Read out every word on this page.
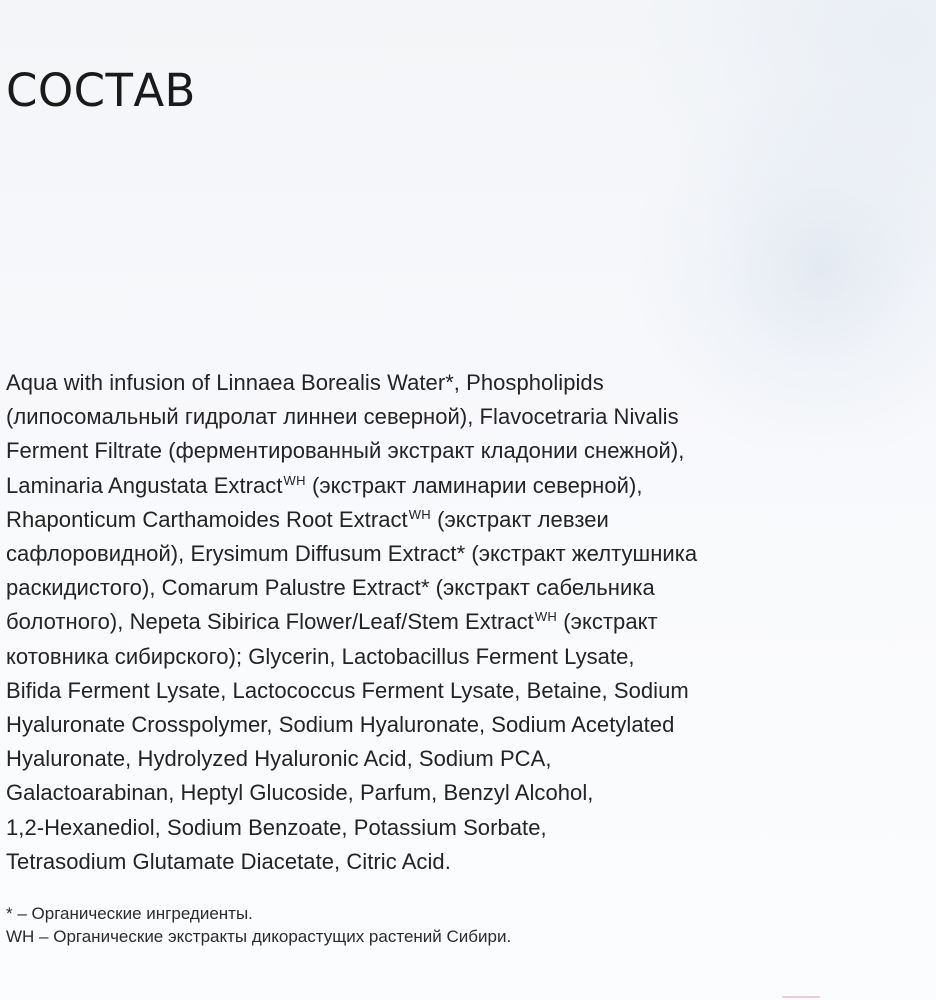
СОСТАВ
Aqua with infusion of Linnaea Borealis Water*, Phospholipids
(липосомальный гидролат линнеи северной), Flavocetraria Nivalis
Ferment Filtrate (ферментированный экстракт кладонии снежной),
Laminaria Angustata Extract$^{WH}$ (экстракт ламинарии северной),
Rhaponticum Carthamoides Root Extract$^{WH}$ (экстракт левзеи
сафлоровидной), Erysimum Diffusum Extract* (экстракт желтушника
раскидистого), Comarum Palustre Extract* (экстракт сабельника
болотного), Nepeta Sibirica Flower/Leaf/Stem Extract$^{WH}$ (экстракт
котовника сибирского); Glycerin, Lactobacillus Ferment Lysate,
Bifida Ferment Lysate, Lactococcus Ferment Lysate, Betaine, Sodium
Hyaluronate Crosspolymer, Sodium Hyaluronate, Sodium Acetylated
Hyaluronate, Hydrolyzed Hyaluronic Acid, Sodium PCA,
Galactoarabinan, Heptyl Glucoside, Parfum, Benzyl Alcohol,
1,2-Hexanediol, Sodium Benzoate, Potassium Sorbate,
Tetrasodium Glutamate Diacetate, Citric Acid.
* – Органические ингредиенты.
WH – Органические экстракты дикорастущих растений Сибири.
